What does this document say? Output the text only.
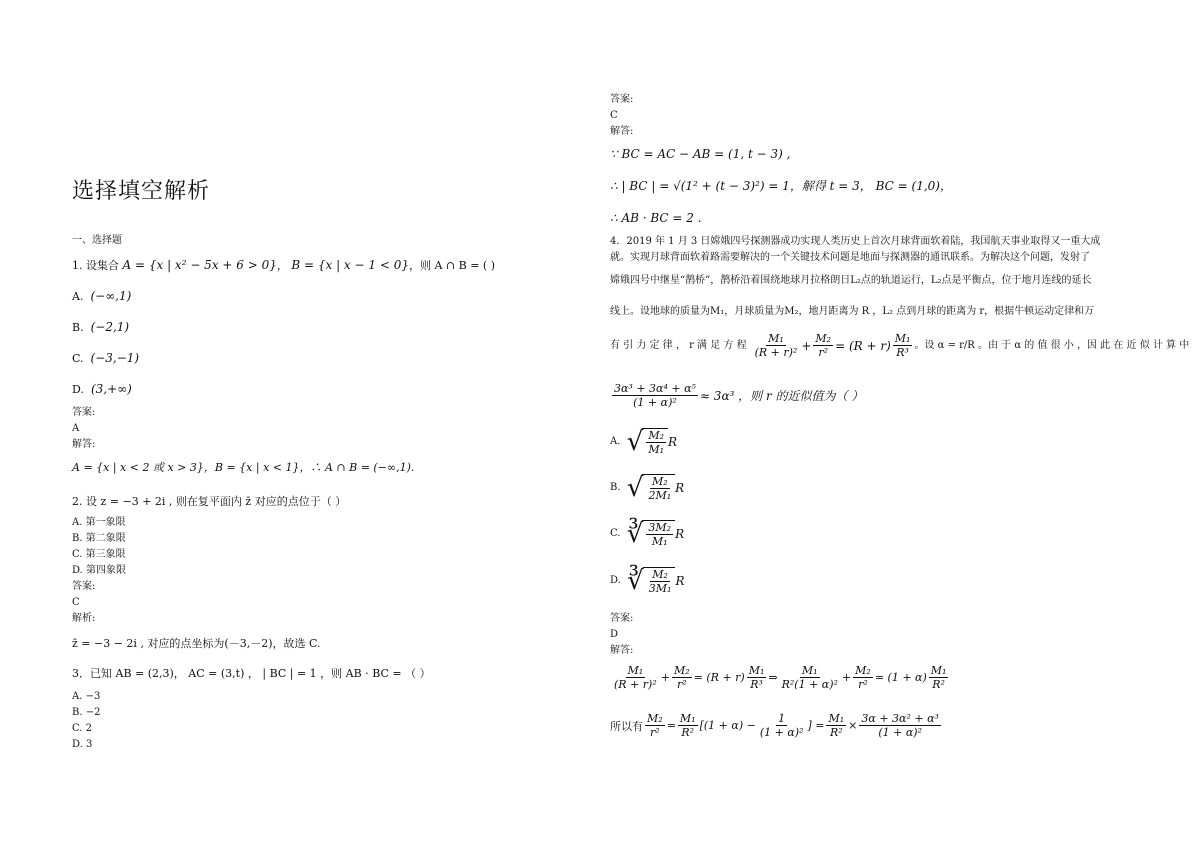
选择填空解析
一、选择题
1. 设集合 A = {x | x² − 5x + 6 > 0}， B = {x | x − 1 < 0}，则 A ∩ B = ( )
A. (−∞,1)
B. (−2,1)
C. (−3,−1)
D. (3,+∞)
答案:
A
解答:
A = {x | x < 2 或 x > 3}，B = {x | x < 1}，∴ A ∩ B = (−∞,1).
2. 设 z = −3 + 2i , 则在复平面内 z̄ 对应的点位于（ ）
A. 第一象限
B. 第二象限
C. 第三象限
D. 第四象限
答案:
C
解析:
z̄ = −3 − 2i , 对应的点坐标为(－3,－2)，故选 C.
3．已知 AB = (2,3)， AC = (3,t) ， | BC | = 1 ，则 AB · BC = （ ）
A. −3
B. −2
C. 2
D. 3
答案:
C
解答:
∵ BC = AC − AB = (1, t − 3) ,
∴ | BC | = √(1² + (t − 3)²) = 1，解得 t = 3， BC = (1,0)，
∴ AB · BC = 2 .
4．2019 年 1 月 3 日嫦娥四号探测器成功实现人类历史上首次月球背面软着陆，我国航天事业取得又一重大成
就。实现月球背面软着路需要解决的一个关键技术问题是地面与探测器的通讯联系。为解决这个问题，发射了
嫦娥四号中继星“鹊桥”，鹊桥沿着围绕地球月拉格朗日L₂点的轨道运行，L₂点是平衡点，位于地月连线的延长
线上。设地球的质量为M₁，月球质量为M₂，地月距离为 R ，L₂ 点到月球的距离为 r，根据牛顿运动定律和万
有 引 力 定 律 ， r 满 足 方 程 $\frac{\text{M₁}}{\text{(R + r)²}} + \frac{\text{M₂}}{\text{r²}} = (R + r) \frac{\text{M₁}}{\text{R³}}$ 。设 α = r/R 。由 于 α 的 值 很 小 ，因 此 在 近 似 计 算 中
$\frac{\text{3α³ + 3α⁴ + α⁵}}{\text{(1 + α)²}} \approx 3\alpha^3$ ，则 r 的近似值为（ ）
A.
√ $\frac{\text{M₂}}{\text{M₁}}$ R
B.
√ $\frac{\text{M₂}}{\text{2M₁}}$ R
C.
∛ $\frac{\text{3M₂}}{\text{M₁}}$ R
D.
∛ $\frac{\text{M₂}}{\text{3M₁}}$ R
答案:
D
解答:
$\frac{\text{M₁}}{\text{(R + r)²}} + \frac{\text{M₂}}{\text{r²}} = (R + r) \frac{\text{M₁}}{\text{R³}}$ ⇒ $\frac{\text{M₁}}{\text{R²(1 + α)²}} + \frac{\text{M₂}}{\text{r²}} = (1 + \alpha) \frac{\text{M₁}}{\text{R²}}$
所以有 $\frac{\text{M₂}}{\text{r²}} = \frac{\text{M₁}}{\text{R²}} [(1 + \alpha) - \frac{1}{\text{(1 + α)²}}$ ] = $\frac{\text{M₁}}{\text{R²}} \times \frac{\text{3α + 3α² + α³}}{\text{(1 + α)²}}$
